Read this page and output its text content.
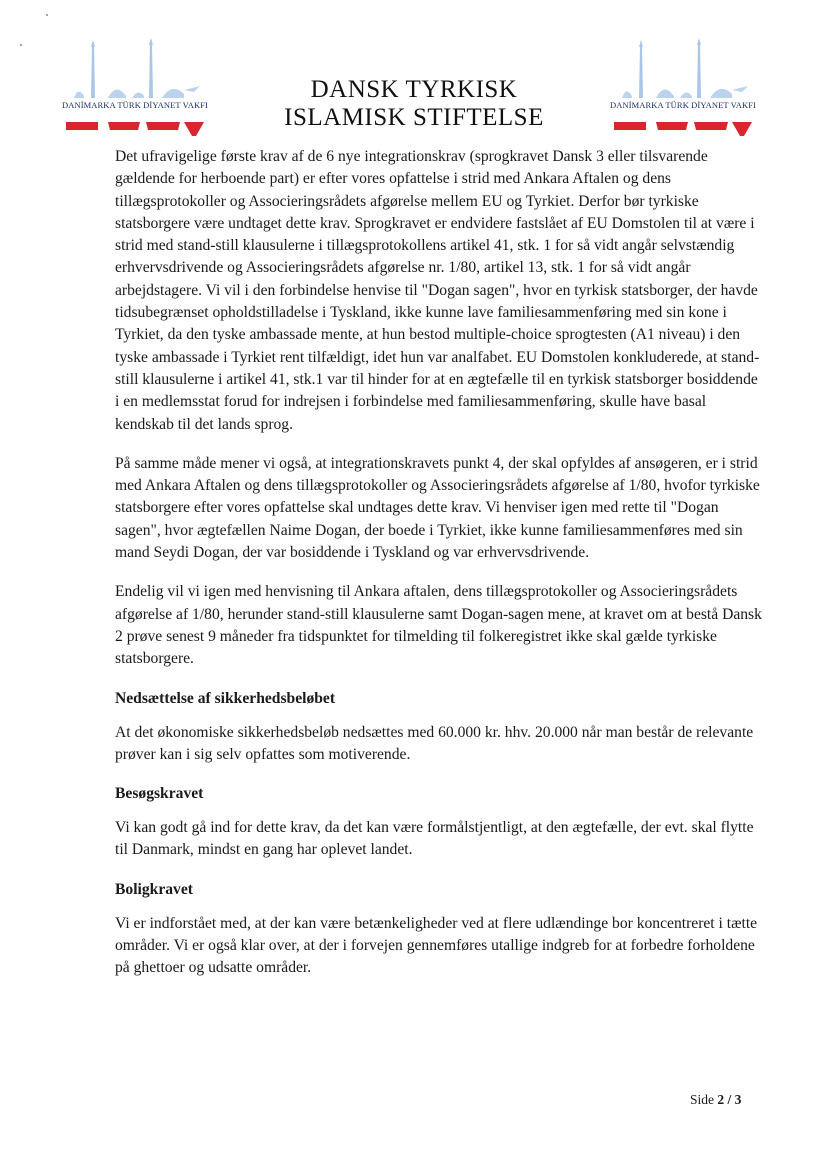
DANİMARKA TÜRK DİYANET VAKFI
DANSK TYRKISK
ISLAMISK STIFTELSE	DANİMARKA TÜRK DİYANET VAKFI

Det ufravigelige første krav af de 6 nye integrationskrav (sprogkravet Dansk 3 eller tilsvarende gældende for herboende part) er efter vores opfattelse i strid med Ankara Aftalen og dens tillægsprotokoller og Associeringsrådets afgørelse mellem EU og Tyrkiet. Derfor bør tyrkiske statsborgere være undtaget dette krav. Sprogkravet er endvidere fastslået af EU Domstolen til at være i strid med stand-still klausulerne i tillægsprotokollens artikel 41, stk. 1 for så vidt angår selvstændig erhvervsdrivende og Associeringsrådets afgørelse nr. 1/80, artikel 13, stk. 1 for så vidt angår arbejdstagere. Vi vil i den forbindelse henvise til "Dogan sagen", hvor en tyrkisk statsborger, der havde tidsubegrænset opholdstilladelse i Tyskland, ikke kunne lave familiesammenføring med sin kone i Tyrkiet, da den tyske ambassade mente, at hun bestod multiple-choice sprogtesten (A1 niveau) i den tyske ambassade i Tyrkiet rent tilfældigt, idet hun var analfabet. EU Domstolen konkluderede, at stand-still klausulerne i artikel 41, stk.1 var til hinder for at en ægtefælle til en tyrkisk statsborger bosiddende i en medlemsstat forud for indrejsen i forbindelse med familiesammenføring, skulle have basal kendskab til det lands sprog.

På samme måde mener vi også, at integrationskravets punkt 4, der skal opfyldes af ansøgeren, er i strid med Ankara Aftalen og dens tillægsprotokoller og Associeringsrådets afgørelse af 1/80, hvofor tyrkiske statsborgere efter vores opfattelse skal undtages dette krav. Vi henviser igen med rette til "Dogan sagen", hvor ægtefællen Naime Dogan, der boede i Tyrkiet, ikke kunne familiesammenføres med sin mand Seydi Dogan, der var bosiddende i Tyskland og var erhvervsdrivende.

Endelig vil vi igen med henvisning til Ankara aftalen, dens tillægsprotokoller og Associeringsrådets afgørelse af 1/80, herunder stand-still klausulerne samt Dogan-sagen mene, at kravet om at bestå Dansk 2 prøve senest 9 måneder fra tidspunktet for tilmelding til folkeregistret ikke skal gælde tyrkiske statsborgere.

Nedsættelse af sikkerhedsbeløbet

At det økonomiske sikkerhedsbeløb nedsættes med 60.000 kr. hhv. 20.000 når man består de relevante prøver kan i sig selv opfattes som motiverende.

Besøgskravet

Vi kan godt gå ind for dette krav, da det kan være formålstjentligt, at den ægtefælle, der evt. skal flytte til Danmark, mindst en gang har oplevet landet.

Boligkravet

Vi er indforstået med, at der kan være betænkeligheder ved at flere udlændinge bor koncentreret i tætte områder. Vi er også klar over, at der i forvejen gennemføres utallige indgreb for at forbedre forholdene på ghettoer og udsatte områder.

Side 2 / 3
